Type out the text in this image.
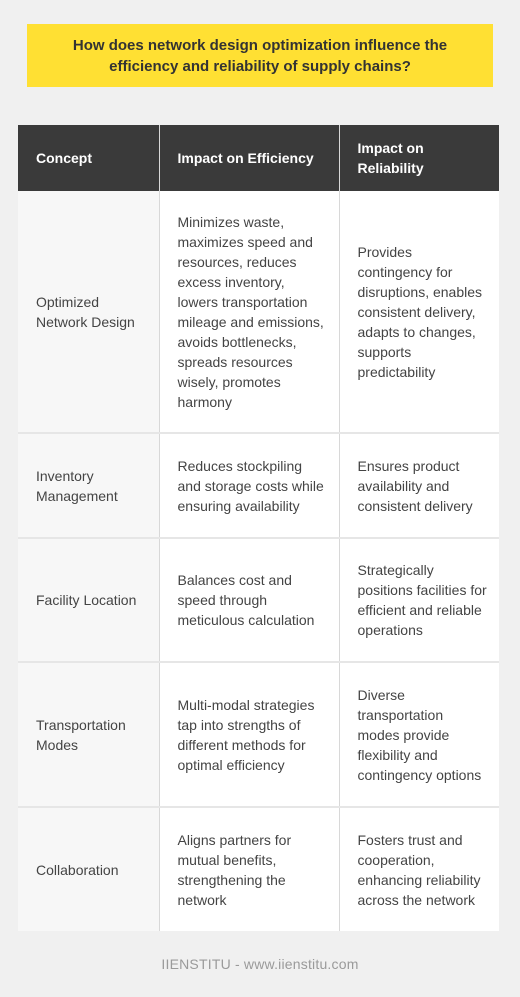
How does network design optimization influence the efficiency and reliability of supply chains?
Concept	Impact on Efficiency	Impact on Reliability
Optimized Network Design	Minimizes waste, maximizes speed and resources, reduces excess inventory, lowers transportation mileage and emissions, avoids bottlenecks, spreads resources wisely, promotes harmony	Provides contingency for disruptions, enables consistent delivery, adapts to changes, supports predictability
Inventory Management	Reduces stockpiling and storage costs while ensuring availability	Ensures product availability and consistent delivery
Facility Location	Balances cost and speed through meticulous calculation	Strategically positions facilities for efficient and reliable operations
Transportation Modes	Multi-modal strategies tap into strengths of different methods for optimal efficiency	Diverse transportation modes provide flexibility and contingency options
Collaboration	Aligns partners for mutual benefits, strengthening the network	Fosters trust and cooperation, enhancing reliability across the network
IIENSTITU - www.iienstitu.com
